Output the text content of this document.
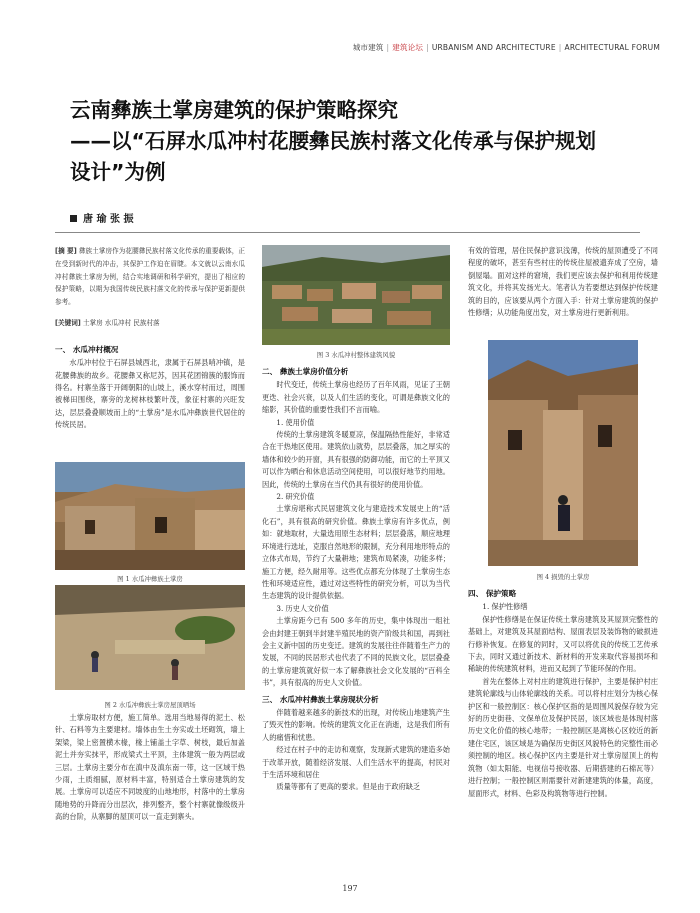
城市建筑 | 建筑论坛 | URBANISM AND ARCHITECTURE | ARCHITECTURAL FORUM
云南彝族土掌房建筑的保护策略探究
——以“石屏水瓜冲村花腰彝民族村落文化传承与保护规划
设计”为例
唐 瑜 张 振
[摘 要] 彝族土掌房作为花腰彝民族村落文化传承的重要载体，正在受到新时代的冲击，其保护工作迫在眉睫。本文就以云南水瓜冲村彝族土掌房为例，结合实地调研和科学研究，提出了相应的保护策略，以期为我国传统民族村落文化的传承与保护更新提供参考。
[关键词] 土掌房 水瓜冲村 民族村落
一、 水瓜冲村概况

水瓜冲村位于石屏县城西北，隶属于石屏县哨冲镇，是花腰彝族的故乡。花腰彝又称尼苏，因其花团锦簇的服饰而得名。村寨坐落于开阔朝阳的山坡上，溪水穿村而过，周围被梯田围绕，寨旁的龙树林枝繁叶茂，象征村寨的兴旺发达，层层叠叠顺坡而上的“土掌房”是水瓜冲彝族世代居住的传统民居。

图 1 水瓜冲彝族土掌房
图 2 水瓜冲彝族土掌房屋顶晒场

土掌房取材方便，施工简单。选用当地易得的泥土、松针、石料等为主要建材。墙体由生土夯实或土坯砌筑，墙上架梁，梁上密置横木椽，椽上铺盖土字草、树枝，最后加盖泥土并夯实抹平，形成梁式土平顶，主体建筑一般为两层或三层。土掌房主要分布在滇中及滇东南一带，这一区域干热少雨，土质细腻，原材料丰富，特别适合土掌房建筑的发展。土掌房可以适应不同坡度的山地地形，村落中的土掌房随地势的升降而分出层次，排列整齐，整个村寨就像级级升高的台阶，从寨脚的屋顶可以一直走到寨头。

图 3 水瓜冲村整体建筑风貌
二、 彝族土掌房价值分析

时代变迁，传统土掌房也经历了百年风雨，见证了王朝更迭、社会兴衰，以及人们生活的变化，可谓是彝族文化的缩影，其价值的重要性我们不言而喻。

1. 使用价值

传统的土掌房建筑冬暖夏凉，保温隔热性能好，非常适合在干热地区使用。建筑依山就势，层层叠落，加之厚实的墙体和较少的开窗，具有很强的防御功能，而它的土平顶又可以作为晒台和休息活动空间使用，可以很好地节约用地。因此，传统的土掌房在当代仍具有很好的使用价值。

2. 研究价值

土掌房堪称式民居建筑文化与建造技术发展史上的“活化石”，具有很高的研究价值。彝族土掌房有许多优点，例如：就地取材，大量选用原生态材料；层层叠落，顺应地理环境进行选址，克服自然地形的限制，充分利用地形特点的立体式布局，节约了大量耕地；建筑布局紧凑，功能多样；施工方便，经久耐用等。这些优点都充分体现了土掌房生态性和环境适应性，通过对这些特性的研究分析，可以为当代生态建筑的设计提供依据。

3. 历史人文价值

土掌房距今已有 500 多年的历史，集中体现出一组社会由封建王朝到半封建半殖民地的资产阶级共和国，再到社会主义新中国的历史变迁。建筑的发展往往伴随着生产力的发展，不同的民居形式也代表了不同的民族文化，层层叠叠的土掌房建筑就好似一本了解彝族社会文化发展的“百科全书”，具有很高的历史人文价值。

三、 水瓜冲村彝族土掌房现状分析

伴随着越来越多的新技术的出现，对传统山地建筑产生了毁灭性的影响。传统的建筑文化正在消逝，这是我们所有人的痛惜和忧患。

经过在村子中的走访和观察，发现新式建筑的建造多始于改革开放，随着经济发展、人们生活水平的提高，村民对于生活环境和居住

质量等都有了更高的要求。但是由于政府缺乏

有效的管理，居住民保护意识浅薄，传统的屋顶遭受了不同程度的破坏，甚至有些村庄的传统住屋被遗弃成了空房，墙倒屋塌。面对这样的窘境，我们更应该去保护和利用传统建筑文化，并将其发扬光大。笔者认为若要想达到保护传统建筑的目的，应该要从两个方面入手：针对土掌房建筑的保护性修缮；从功能角度出发，对土掌房进行更新利用。

图 4 损毁的土掌房
四、 保护策略

1. 保护性修缮

保护性修缮是在保证传统土掌房建筑及其屋顶完整性的基础上，对建筑及其屋面结构、屋面表层及装饰物的破损进行修补恢复。在修复的同时，又可以将优良的传统工艺传承下去，同时又通过新技术、新材料的开发来取代容易损坏和稀缺的传统建筑材料，进而又起到了节能环保的作用。

首先在整体上对村庄的建筑进行保护，主要是保护村庄建筑轮廓线与山体轮廓线的关系。可以将村庄划分为核心保护区和一般控制区：核心保护区指的是周围风貌保存较为完好的历史街巷、文保单位及保护民居，该区域也是体现村落历史文化价值的核心地带；一般控制区是离核心区较近的新建住宅区，该区域是为确保历史街区风貌特色的完整性而必须控制的地区。核心保护区内主要是针对土掌房屋顶上的构筑物（如太阳能、电视信号接收器、后期搭建的石棉瓦等）进行控制；一般控制区则需要针对新建建筑的体量，高度，屋面形式，材料、色彩及构筑物等进行控制。

197
